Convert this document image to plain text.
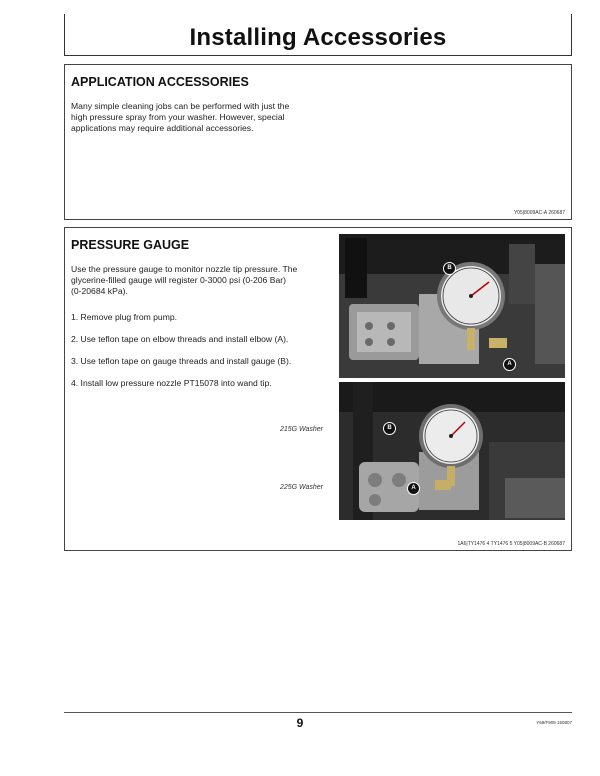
Installing Accessories
APPLICATION ACCESSORIES

Many simple cleaning jobs can be performed with just the

high pressure spray from your washer. However, special

applications may require additional accessories.

Y05|8009AC-A 260687
PRESSURE GAUGE

Use the pressure gauge to monitor nozzle tip pressure. The

glycerine-filled gauge will register 0-3000 psi (0-206 Bar)

(0-20684 kPa).

1. Remove plug from pump.
2. Use teflon tape on elbow threads and install elbow (A).
3. Use teflon tape on gauge threads and install gauge (B).
4. Install low pressure nozzle PT15078 into wand tip.
215G Washer
225G Washer
B
A
B
A
1A6|TY1476 4 TY1476 5 Y05|8009AC-B 260687
9	Y68/F909 150807
